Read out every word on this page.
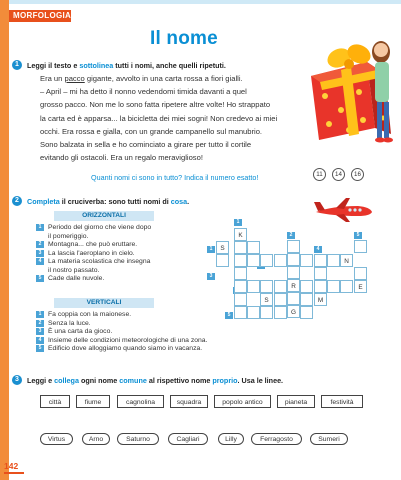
MORFOLOGIA
Il nome
1	Leggi il testo e sottolinea tutti i nomi, anche quelli ripetuti.
Era un pacco gigante, avvolto in una carta rossa a fiori gialli.
– April – mi ha detto il nonno vedendomi timida davanti a quel
grosso pacco. Non me lo sono fatta ripetere altre volte! Ho strappato
la carta ed è apparsa... la bicicletta dei miei sogni! Non credevo ai miei
occhi. Era rossa e gialla, con un grande campanello sul manubrio.
Sono balzata in sella e ho cominciato a girare per tutto il cortile
evitando gli ostacoli. Era un regalo meraviglioso!
Quanti nomi ci sono in tutto? Indica il numero esatto!	11	14	16
2	Completa il cruciverba: sono tutti nomi di cosa.
ORIZZONTALI
1 Periodo del giorno che viene dopo
il pomeriggio.
2 Montagna... che può eruttare.
3 La lascia l'aeroplano in cielo.
4 La materia scolastica che insegna
il nostro passato.
5 Cade dalle nuvole.
VERTICALI
1 Fa coppia con la maionese.
2 Senza la luce.
3 È una carta da gioco.
4 Insieme delle condizioni meteorologiche di una zona.
5 Edificio dove alloggiamo quando siamo in vacanza.
1
2	5
1	4
3
5
K
S
R
G
M
N
E
S
3	Leggi e collega ogni nome comune al rispettivo nome proprio. Usa le linee.
città	fiume	cagnolina	squadra	popolo antico	pianeta	festività
Virtus	Arno	Saturno	Cagliari	Lilly	Ferragosto	Sumeri
142
